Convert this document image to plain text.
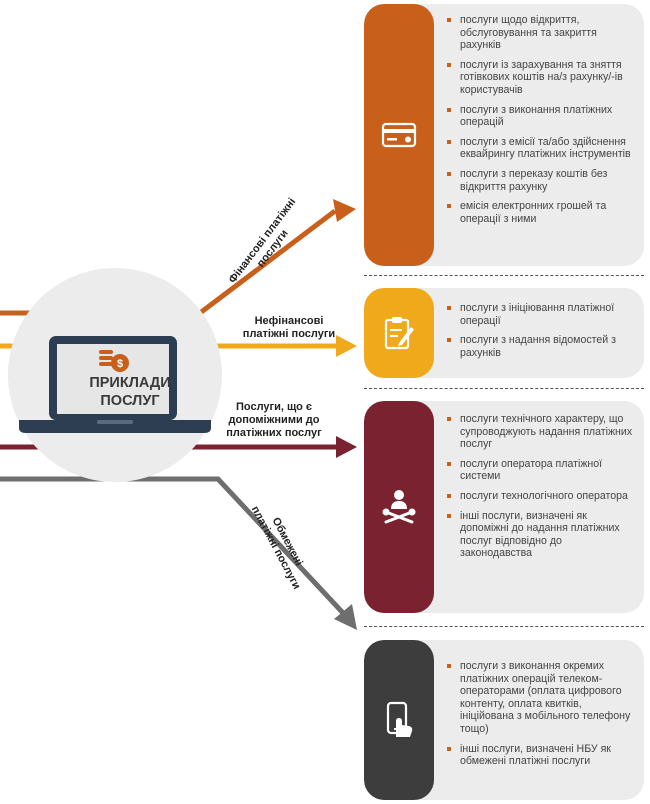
$
ПРИКЛАДИ
ПОСЛУГ
Фінансові платіжні послуги
Нефінансові платіжні послуги
Послуги, що є допоміжними до платіжних послуг
Обмежені платіжні послуги
послуги щодо відкриття, обслуговування та закриття рахунків
послуги із зарахування та зняття готівкових коштів на/з рахунку/-ів користувачів
послуги з виконання платіжних операцій
послуги з емісії та/або здійснення еквайрингу платіжних інструментів
послуги з переказу коштів без відкриття рахунку
емісія електронних грошей та операції з ними
послуги з ініціювання платіжної операції
послуги з надання відомостей з рахунків
послуги технічного характеру, що супроводжують надання платіжних послуг
послуги оператора платіжної системи
послуги технологічного оператора
інші послуги, визначені як допоміжні до надання платіжних послуг відповідно до законодавства
послуги з виконання окремих платіжних операцій телеком-операторами (оплата цифрового контенту, оплата квитків, ініційована з мобільного телефону тощо)
інші послуги, визначені НБУ як обмежені платіжні послуги
